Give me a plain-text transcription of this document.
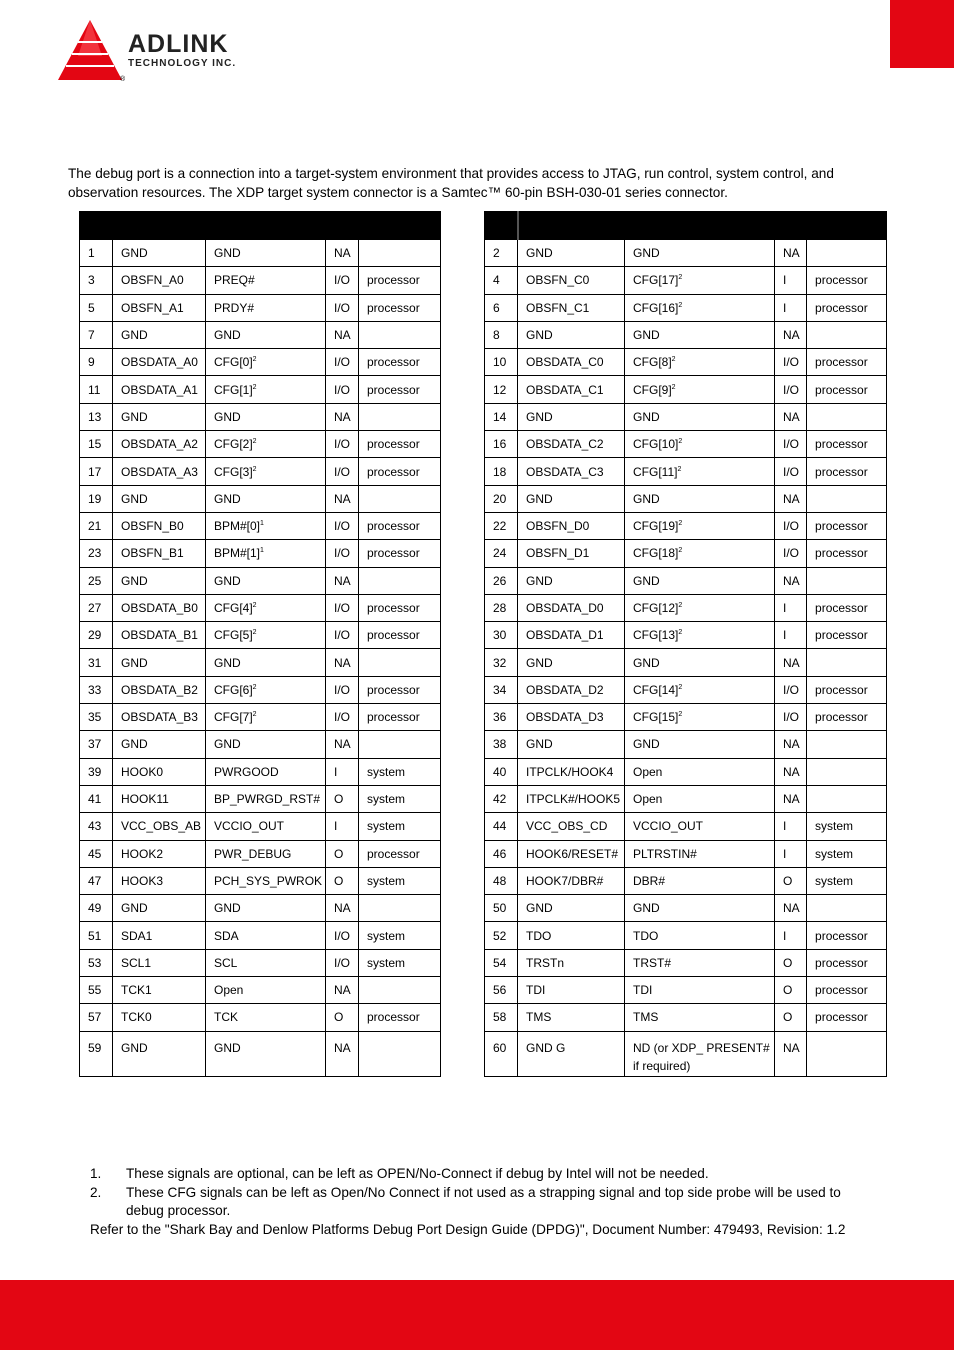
ADLINK
TECHNOLOGY INC.
®
The debug port is a connection into a target-system environment that provides access to JTAG, run control, system control, and observation resources. The XDP target system connector is a Samtec™ 60-pin BSH-030-01 series connector.

1	GND	GND	NA	
3	OBSFN_A0	PREQ#	I/O	processor
5	OBSFN_A1	PRDY#	I/O	processor
7	GND	GND	NA	
9	OBSDATA_A0	$CFG[0]^2$	I/O	processor
11	OBSDATA_A1	$CFG[1]^2$	I/O	processor
13	GND	GND	NA	
15	OBSDATA_A2	$CFG[2]^2$	I/O	processor
17	OBSDATA_A3	$CFG[3]^2$	I/O	processor
19	GND	GND	NA	
21	OBSFN_B0	$BPM\#[0]^1$	I/O	processor
23	OBSFN_B1	$BPM\#[1]^1$	I/O	processor
25	GND	GND	NA	
27	OBSDATA_B0	$CFG[4]^2$	I/O	processor
29	OBSDATA_B1	$CFG[5]^2$	I/O	processor
31	GND	GND	NA	
33	OBSDATA_B2	$CFG[6]^2$	I/O	processor
35	OBSDATA_B3	$CFG[7]^2$	I/O	processor
37	GND	GND	NA	
39	HOOK0	PWRGOOD	I	system
41	HOOK11	BP_PWRGD_RST#	O	system
43	VCC_OBS_AB	VCCIO_OUT	I	system
45	HOOK2	PWR_DEBUG	O	processor
47	HOOK3	PCH_SYS_PWROK	O	system
49	GND	GND	NA	
51	SDA1	SDA	I/O	system
53	SCL1	SCL	I/O	system
55	TCK1	Open	NA	
57	TCK0	TCK	O	processor
59	GND	GND	NA	

2	GND	GND	NA	
4	OBSFN_C0	$CFG[17]^2$	I	processor
6	OBSFN_C1	$CFG[16]^2$	I	processor
8	GND	GND	NA	
10	OBSDATA_C0	$CFG[8]^2$	I/O	processor
12	OBSDATA_C1	$CFG[9]^2$	I/O	processor
14	GND	GND	NA	
16	OBSDATA_C2	$CFG[10]^2$	I/O	processor
18	OBSDATA_C3	$CFG[11]^2$	I/O	processor
20	GND	GND	NA	
22	OBSFN_D0	$CFG[19]^2$	I/O	processor
24	OBSFN_D1	$CFG[18]^2$	I/O	processor
26	GND	GND	NA	
28	OBSDATA_D0	$CFG[12]^2$	I	processor
30	OBSDATA_D1	$CFG[13]^2$	I	processor
32	GND	GND	NA	
34	OBSDATA_D2	$CFG[14]^2$	I/O	processor
36	OBSDATA_D3	$CFG[15]^2$	I/O	processor
38	GND	GND	NA	
40	ITPCLK/HOOK4	Open	NA	
42	ITPCLK#/HOOK5	Open	NA	
44	VCC_OBS_CD	VCCIO_OUT	I	system
46	HOOK6/RESET#	PLTRSTIN#	I	system
48	HOOK7/DBR#	DBR#	O	system
50	GND	GND	NA	
52	TDO	TDO	I	processor
54	TRSTn	TRST#	O	processor
56	TDI	TDI	O	processor
58	TMS	TMS	O	processor
60	GND G	ND (or XDP_ PRESENT# if required)	NA	
1. These signals are optional, can be left as OPEN/No-Connect if debug by Intel will not be needed.
2. These CFG signals can be left as Open/No Connect if not used as a strapping signal and top side probe will be used to debug processor.
Refer to the "Shark Bay and Denlow Platforms Debug Port Design Guide (DPDG)", Document Number: 479493, Revision: 1.2
